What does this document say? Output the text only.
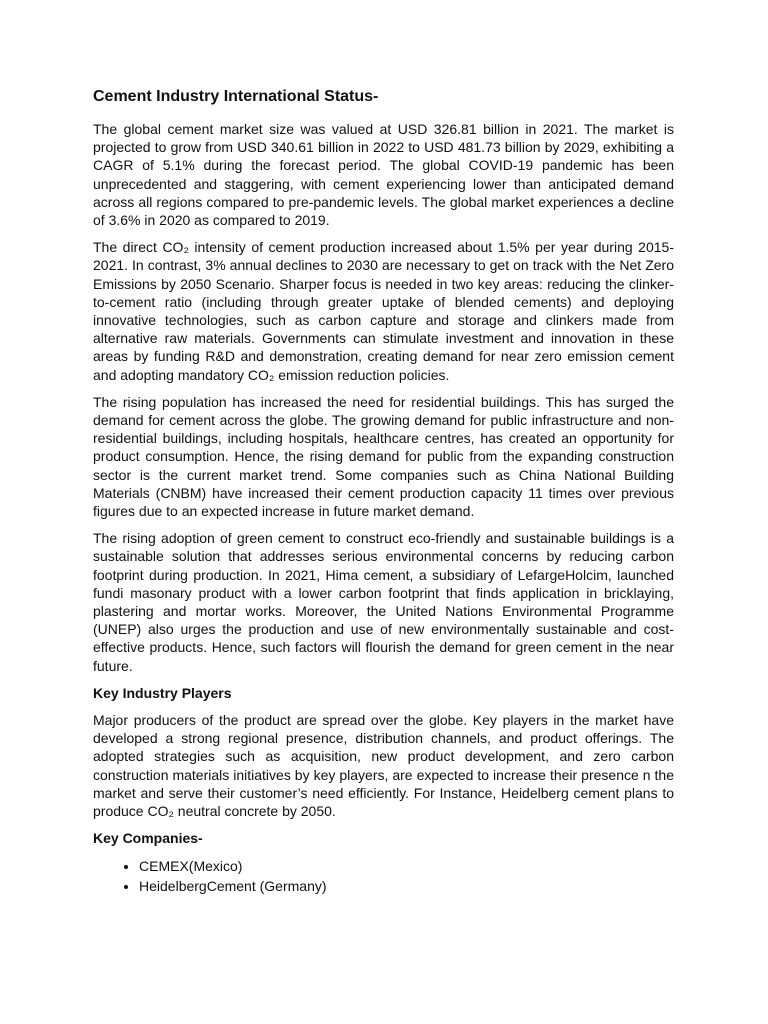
Cement Industry International Status-

The global cement market size was valued at USD 326.81 billion in 2021. The market is projected to grow from USD 340.61 billion in 2022 to USD 481.73 billion by 2029, exhibiting a CAGR of 5.1% during the forecast period. The global COVID-19 pandemic has been unprecedented and staggering, with cement experiencing lower than anticipated demand across all regions compared to pre-pandemic levels. The global market experiences a decline of 3.6% in 2020 as compared to 2019.

The direct CO₂ intensity of cement production increased about 1.5% per year during 2015-2021. In contrast, 3% annual declines to 2030 are necessary to get on track with the Net Zero Emissions by 2050 Scenario. Sharper focus is needed in two key areas: reducing the clinker-to-cement ratio (including through greater uptake of blended cements) and deploying innovative technologies, such as carbon capture and storage and clinkers made from alternative raw materials. Governments can stimulate investment and innovation in these areas by funding R&D and demonstration, creating demand for near zero emission cement and adopting mandatory CO₂ emission reduction policies.

The rising population has increased the need for residential buildings. This has surged the demand for cement across the globe. The growing demand for public infrastructure and non-residential buildings, including hospitals, healthcare centres, has created an opportunity for product consumption. Hence, the rising demand for public from the expanding construction sector is the current market trend. Some companies such as China National Building Materials (CNBM) have increased their cement production capacity 11 times over previous figures due to an expected increase in future market demand.

The rising adoption of green cement to construct eco-friendly and sustainable buildings is a sustainable solution that addresses serious environmental concerns by reducing carbon footprint during production. In 2021, Hima cement, a subsidiary of LefargeHolcim, launched fundi masonary product with a lower carbon footprint that finds application in bricklaying, plastering and mortar works. Moreover, the United Nations Environmental Programme (UNEP) also urges the production and use of new environmentally sustainable and cost-effective products. Hence, such factors will flourish the demand for green cement in the near future.

Key Industry Players

Major producers of the product are spread over the globe. Key players in the market have developed a strong regional presence, distribution channels, and product offerings. The adopted strategies such as acquisition, new product development, and zero carbon construction materials initiatives by key players, are expected to increase their presence n the market and serve their customer’s need efficiently. For Instance, Heidelberg cement plans to produce CO₂ neutral concrete by 2050.

Key Companies-
• CEMEX(Mexico)
• HeidelbergCement (Germany)
